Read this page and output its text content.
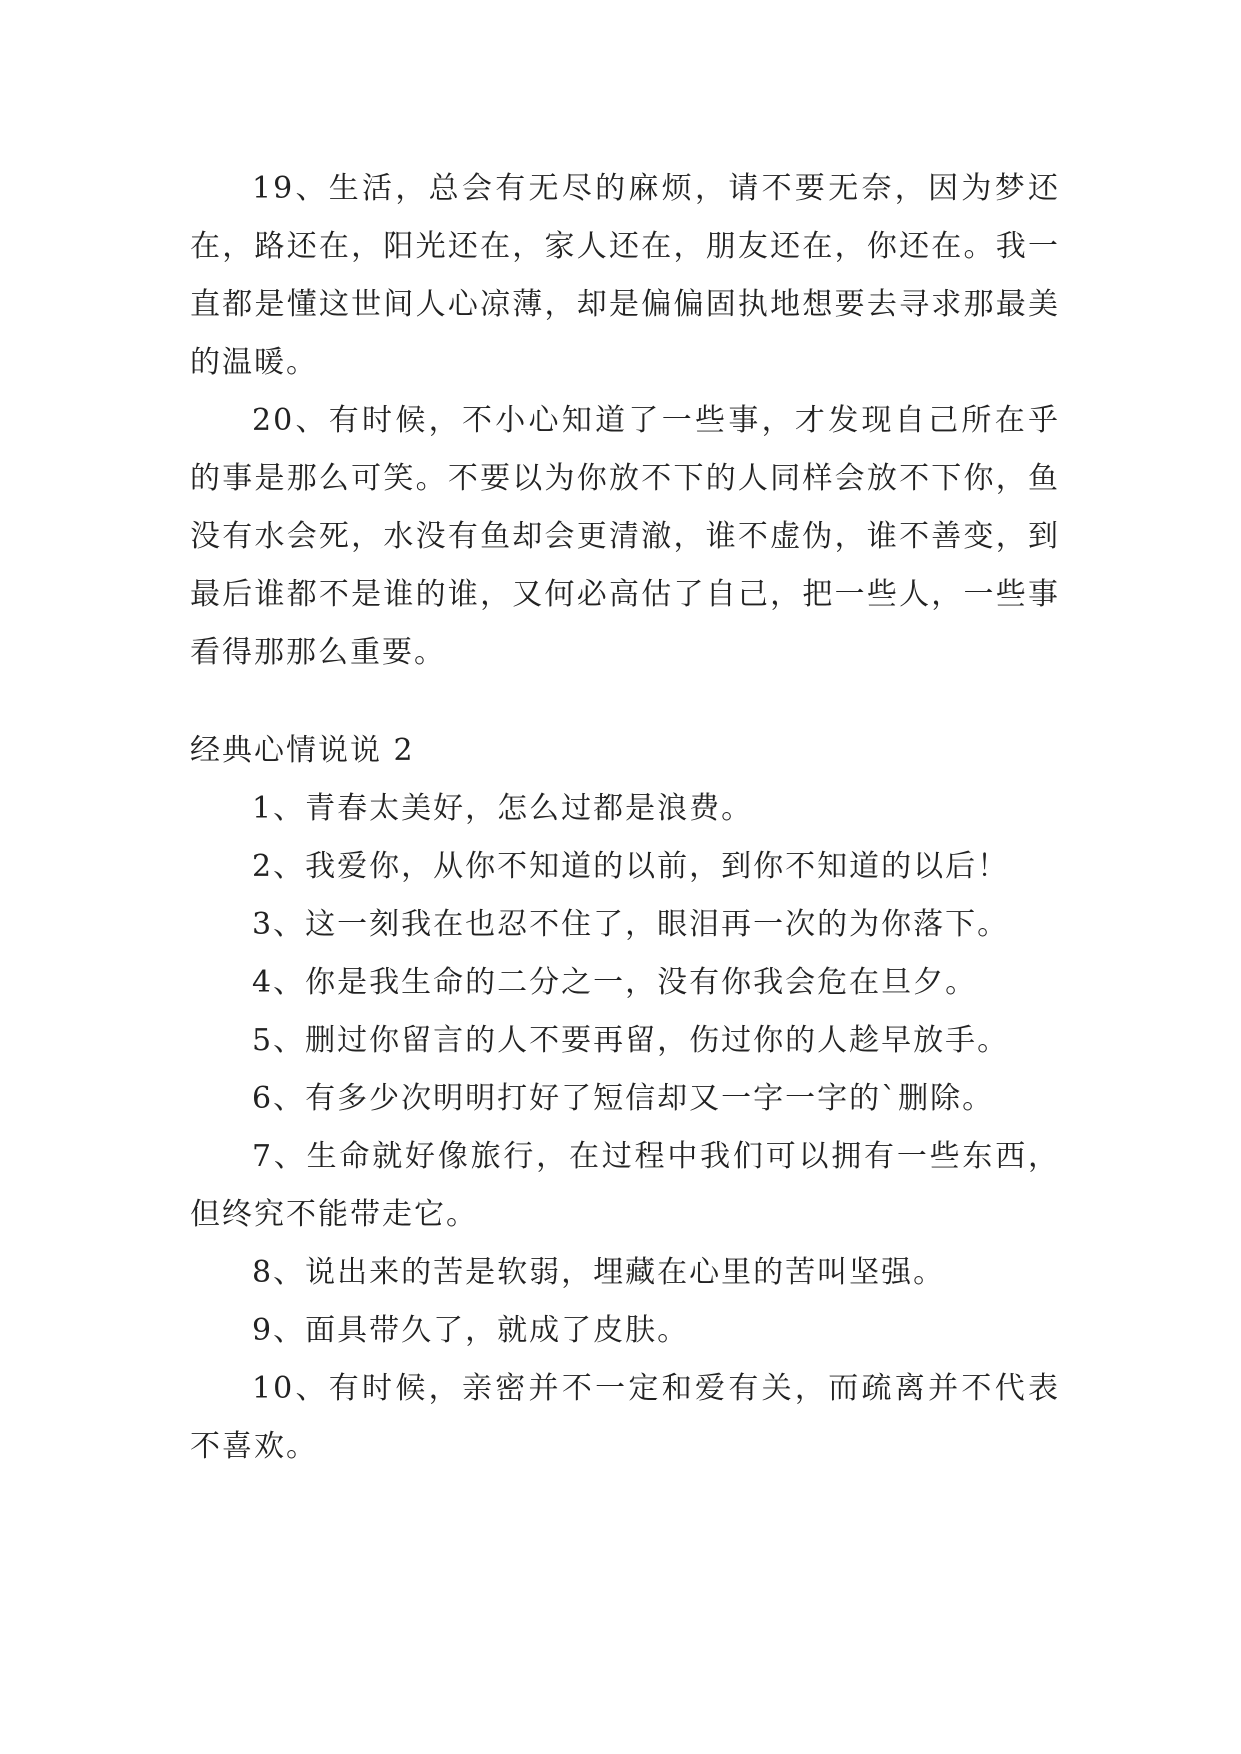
19、生活，总会有无尽的麻烦，请不要无奈，因为梦还在，路还在，阳光还在，家人还在，朋友还在，你还在。我一直都是懂这世间人心凉薄，却是偏偏固执地想要去寻求那最美的温暖。

20、有时候，不小心知道了一些事，才发现自己所在乎的事是那么可笑。不要以为你放不下的人同样会放不下你，鱼没有水会死，水没有鱼却会更清澈，谁不虚伪，谁不善变，到最后谁都不是谁的谁，又何必高估了自己，把一些人，一些事看得那那么重要。

经典心情说说 2

1、青春太美好，怎么过都是浪费。

2、我爱你，从你不知道的以前，到你不知道的以后！

3、这一刻我在也忍不住了，眼泪再一次的为你落下。

4、你是我生命的二分之一，没有你我会危在旦夕。

5、删过你留言的人不要再留，伤过你的人趁早放手。

6、有多少次明明打好了短信却又一字一字的`删除。

7、生命就好像旅行，在过程中我们可以拥有一些东西，但终究不能带走它。

8、说出来的苦是软弱，埋藏在心里的苦叫坚强。

9、面具带久了，就成了皮肤。

10、有时候，亲密并不一定和爱有关，而疏离并不代表不喜欢。
